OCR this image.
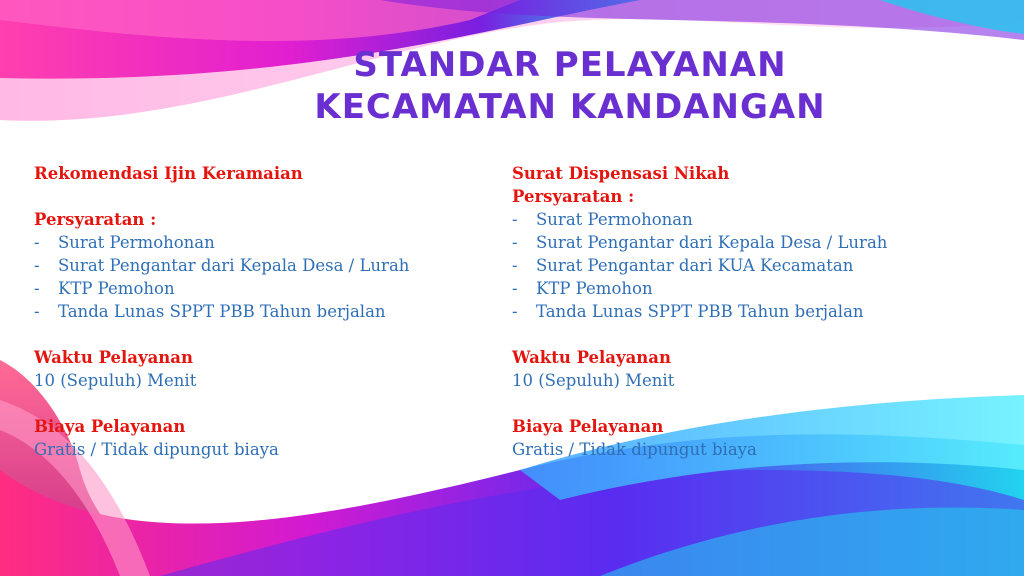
STANDAR PELAYANAN
KECAMATAN KANDANGAN
Rekomendasi Ijin Keramaian
Persyaratan :
- Surat Permohonan
- Surat Pengantar dari Kepala Desa / Lurah
- KTP Pemohon
- Tanda Lunas SPPT PBB Tahun berjalan
Waktu Pelayanan
10 (Sepuluh) Menit
Biaya Pelayanan
Gratis / Tidak dipungut biaya
Surat Dispensasi Nikah
Persyaratan :
- Surat Permohonan
- Surat Pengantar dari Kepala Desa / Lurah
- Surat Pengantar dari KUA Kecamatan
- KTP Pemohon
- Tanda Lunas SPPT PBB Tahun berjalan
Waktu Pelayanan
10 (Sepuluh) Menit
Biaya Pelayanan
Gratis / Tidak dipungut biaya
